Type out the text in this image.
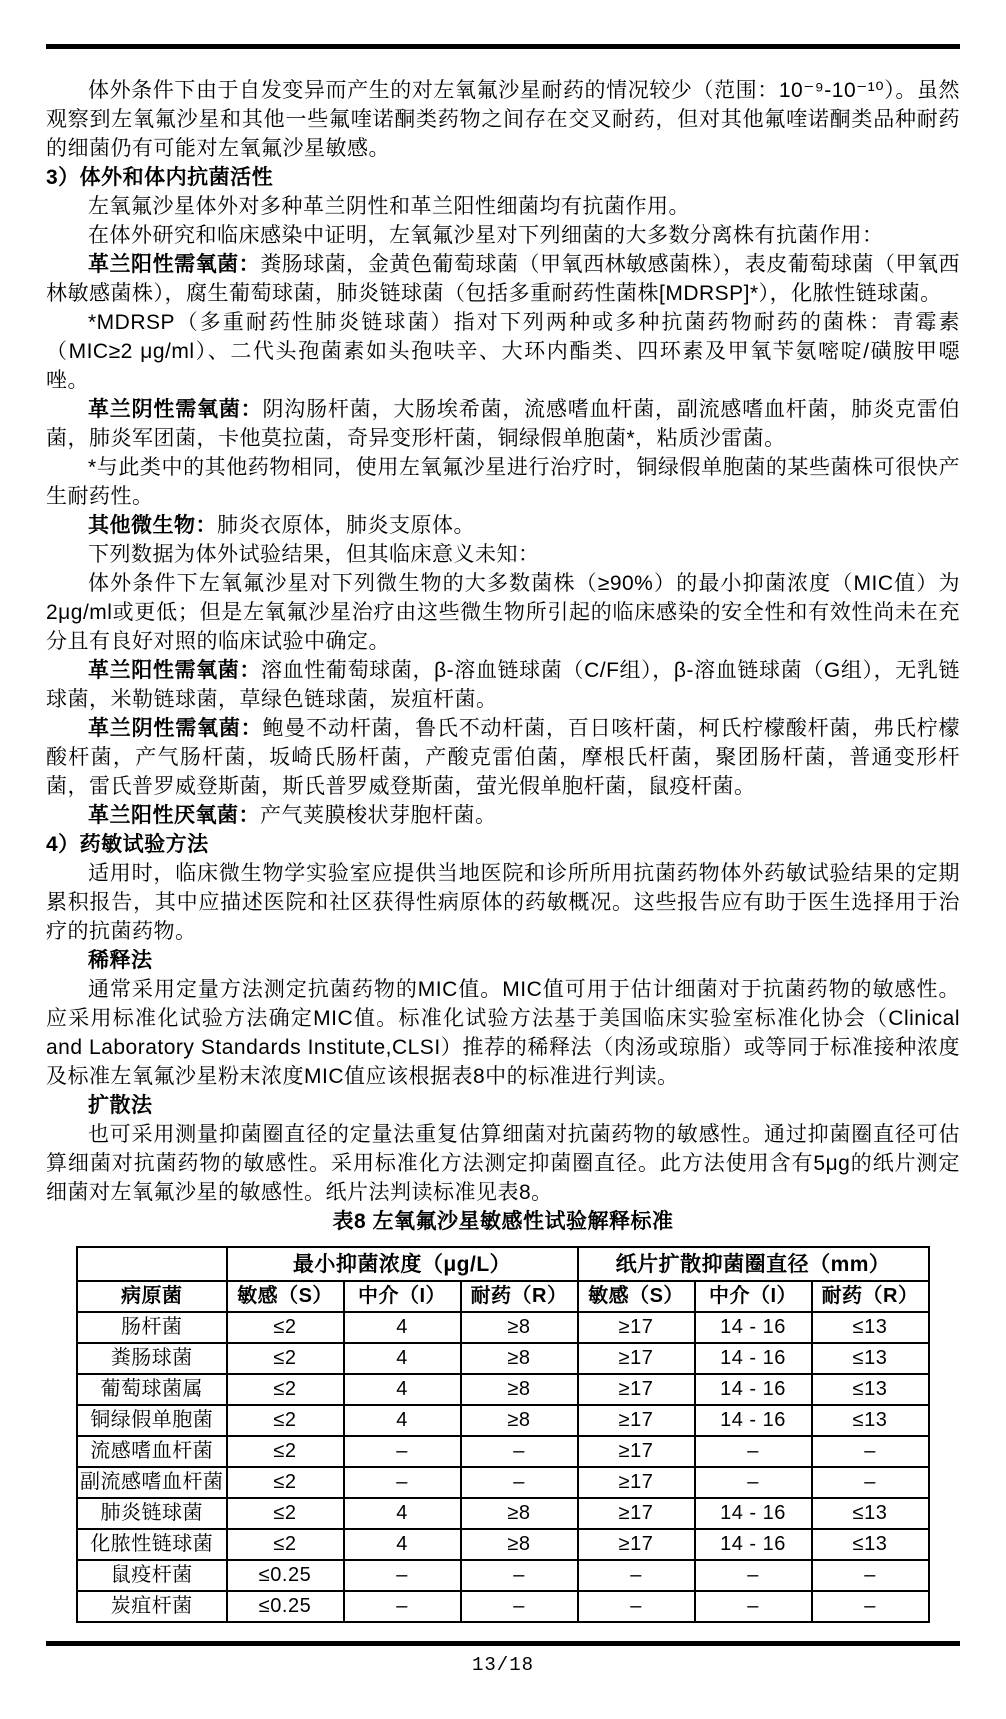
体外条件下由于自发变异而产生的对左氧氟沙星耐药的情况较少（范围：10⁻⁹-10⁻¹⁰）。虽然观察到左氧氟沙星和其他一些氟喹诺酮类药物之间存在交叉耐药，但对其他氟喹诺酮类品种耐药的细菌仍有可能对左氧氟沙星敏感。

3）体外和体内抗菌活性

左氧氟沙星体外对多种革兰阴性和革兰阳性细菌均有抗菌作用。

在体外研究和临床感染中证明，左氧氟沙星对下列细菌的大多数分离株有抗菌作用：

革兰阳性需氧菌：粪肠球菌，金黄色葡萄球菌（甲氧西林敏感菌株），表皮葡萄球菌（甲氧西林敏感菌株），腐生葡萄球菌，肺炎链球菌（包括多重耐药性菌株[MDRSP]*），化脓性链球菌。

*MDRSP（多重耐药性肺炎链球菌）指对下列两种或多种抗菌药物耐药的菌株：青霉素（MIC≥2 μg/ml）、二代头孢菌素如头孢呋辛、大环内酯类、四环素及甲氧苄氨嘧啶/磺胺甲噁唑。

革兰阴性需氧菌：阴沟肠杆菌，大肠埃希菌，流感嗜血杆菌，副流感嗜血杆菌，肺炎克雷伯菌，肺炎军团菌，卡他莫拉菌，奇异变形杆菌，铜绿假单胞菌*，粘质沙雷菌。

*与此类中的其他药物相同，使用左氧氟沙星进行治疗时，铜绿假单胞菌的某些菌株可很快产生耐药性。

其他微生物：肺炎衣原体，肺炎支原体。

下列数据为体外试验结果，但其临床意义未知：

体外条件下左氧氟沙星对下列微生物的大多数菌株（≥90%）的最小抑菌浓度（MIC值）为2μg/ml或更低；但是左氧氟沙星治疗由这些微生物所引起的临床感染的安全性和有效性尚未在充分且有良好对照的临床试验中确定。

革兰阳性需氧菌：溶血性葡萄球菌，β-溶血链球菌（C/F组），β-溶血链球菌（G组），无乳链球菌，米勒链球菌，草绿色链球菌，炭疽杆菌。

革兰阴性需氧菌：鲍曼不动杆菌，鲁氏不动杆菌，百日咳杆菌，柯氏柠檬酸杆菌，弗氏柠檬酸杆菌，产气肠杆菌，坂崎氏肠杆菌，产酸克雷伯菌，摩根氏杆菌，聚团肠杆菌，普通变形杆菌，雷氏普罗威登斯菌，斯氏普罗威登斯菌，萤光假单胞杆菌，鼠疫杆菌。

革兰阳性厌氧菌：产气荚膜梭状芽胞杆菌。

4）药敏试验方法

适用时，临床微生物学实验室应提供当地医院和诊所所用抗菌药物体外药敏试验结果的定期累积报告，其中应描述医院和社区获得性病原体的药敏概况。这些报告应有助于医生选择用于治疗的抗菌药物。

稀释法

通常采用定量方法测定抗菌药物的MIC值。MIC值可用于估计细菌对于抗菌药物的敏感性。应采用标准化试验方法确定MIC值。标准化试验方法基于美国临床实验室标准化协会（Clinical and Laboratory Standards Institute,CLSI）推荐的稀释法（肉汤或琼脂）或等同于标准接种浓度及标准左氧氟沙星粉末浓度MIC值应该根据表8中的标准进行判读。

扩散法

也可采用测量抑菌圈直径的定量法重复估算细菌对抗菌药物的敏感性。通过抑菌圈直径可估算细菌对抗菌药物的敏感性。采用标准化方法测定抑菌圈直径。此方法使用含有5μg的纸片测定细菌对左氧氟沙星的敏感性。纸片法判读标准见表8。

表8 左氧氟沙星敏感性试验解释标准

	最小抑菌浓度（μg/L）			纸片扩散抑菌圈直径（mm）		
病原菌	敏感（S）	中介（I）	耐药（R）	敏感（S）	中介（I）	耐药（R）
肠杆菌	≤2	4	≥8	≥17	14 - 16	≤13
粪肠球菌	≤2	4	≥8	≥17	14 - 16	≤13
葡萄球菌属	≤2	4	≥8	≥17	14 - 16	≤13
铜绿假单胞菌	≤2	4	≥8	≥17	14 - 16	≤13
流感嗜血杆菌	≤2	–	–	≥17	–	–
副流感嗜血杆菌	≤2	–	–	≥17	–	–
肺炎链球菌	≤2	4	≥8	≥17	14 - 16	≤13
化脓性链球菌	≤2	4	≥8	≥17	14 - 16	≤13
鼠疫杆菌	≤0.25	–	–	–	–	–
炭疽杆菌	≤0.25	–	–	–	–	–
13/18
